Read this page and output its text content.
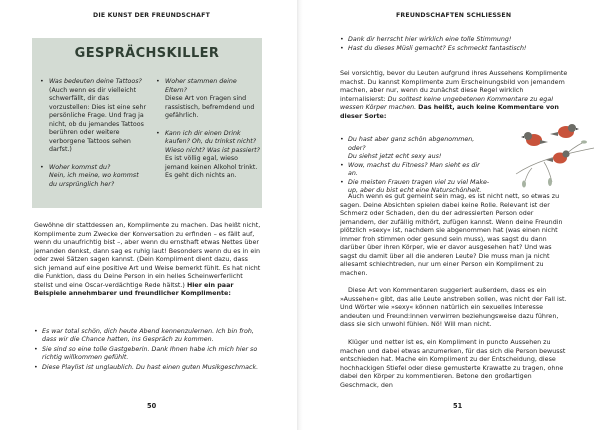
DIE KUNST DER FREUNDSCHAFT
GESPRÄCHSKILLER
• Was bedeuten deine Tattoos?
(Auch wenn es dir vielleicht schwerfällt, dir das vorzustellen: Dies ist eine sehr persönliche Frage. Und frag ja nicht, ob du jemandes Tattoos berühren oder weitere verborgene Tattoos sehen darfst.)
• Woher kommst du?
Nein, ich meine, wo kommst du ursprünglich her?
• Woher stammen deine Eltern?
Diese Art von Fragen sind rassistisch, befremdend und gefährlich.
• Kann ich dir einen Drink kaufen? Oh, du trinkst nicht? Wieso nicht? Was ist passiert?
Es ist völlig egal, wieso jemand keinen Alkohol trinkt. Es geht dich nichts an.

Gewöhne dir stattdessen an, Komplimente zu machen. Das heißt nicht, Komplimente zum Zwecke der Konversation zu erfinden – es fällt auf, wenn du unaufrichtig bist –, aber wenn du ernsthaft etwas Nettes über jemanden denkst, dann sag es ruhig laut! Besonders wenn du es in ein oder zwei Sätzen sagen kannst. (Dein Kompliment dient dazu, dass sich jemand auf eine positive Art und Weise bemerkt fühlt. Es hat nicht die Funktion, dass du Deine Person in ein helles Scheinwerferlicht stellst und eine Oscar-verdächtige Rede hältst.) Hier ein paar Beispiele annehmbarer und freundlicher Komplimente:

• Es war total schön, dich heute Abend kennenzulernen. Ich bin froh, dass wir die Chance hatten, ins Gespräch zu kommen.
• Sie sind so eine tolle Gastgeberin. Dank Ihnen habe ich mich hier so richtig willkommen gefühlt.
• Diese Playlist ist unglaublich. Du hast einen guten Musikgeschmack.
50
FREUNDSCHAFTEN SCHLIESSEN
• Dank dir herrscht hier wirklich eine tolle Stimmung!
• Hast du dieses Müsli gemacht? Es schmeckt fantastisch!

Sei vorsichtig, bevor du Leuten aufgrund ihres Aussehens Komplimente machst. Du kannst Komplimente zum Erscheinungsbild von jemandem machen, aber nur, wenn du zunächst diese Regel wirklich internalisierst: Du solltest keine ungebetenen Kommentare zu egal wessen Körper machen. Das heißt, auch keine Kommentare von dieser Sorte:

• Du hast aber ganz schön abgenommen, oder?
Du siehst jetzt echt sexy aus!
• Wow, machst du Fitness? Man sieht es dir an.
• Die meisten Frauen tragen viel zu viel Make-up, aber du bist echt eine Naturschönheit.

Auch wenn es gut gemeint sein mag, es ist nicht nett, so etwas zu sagen. Deine Absichten spielen dabei keine Rolle. Relevant ist der Schmerz oder Schaden, den du der adressierten Person oder jemandem, der zufällig mithört, zufügen kannst. Wenn deine Freundin plötzlich »sexy« ist, nachdem sie abgenommen hat (was einen nicht immer froh stimmen oder gesund sein muss), was sagst du dann darüber über ihren Körper, wie er davor ausgesehen hat? Und was sagst du damit über all die anderen Leute? Die muss man ja nicht allesamt schlechtreden, nur um einer Person ein Kompliment zu machen.

Diese Art von Kommentaren suggeriert außerdem, dass es ein »Aussehen« gibt, das alle Leute anstreben sollen, was nicht der Fall ist. Und Wörter wie »sexy« können natürlich ein sexuelles Interesse andeuten und Freund:innen verwirren beziehungsweise dazu führen, dass sie sich unwohl fühlen. Nö! Will man nicht.

Klüger und netter ist es, ein Kompliment in puncto Aussehen zu machen und dabei etwas anzumerken, für das sich die Person bewusst entschieden hat. Mache ein Kompliment zu der Entscheidung, diese hochhackigen Stiefel oder diese gemusterte Krawatte zu tragen, ohne dabei den Körper zu kommentieren. Betone den großartigen Geschmack, den

51
